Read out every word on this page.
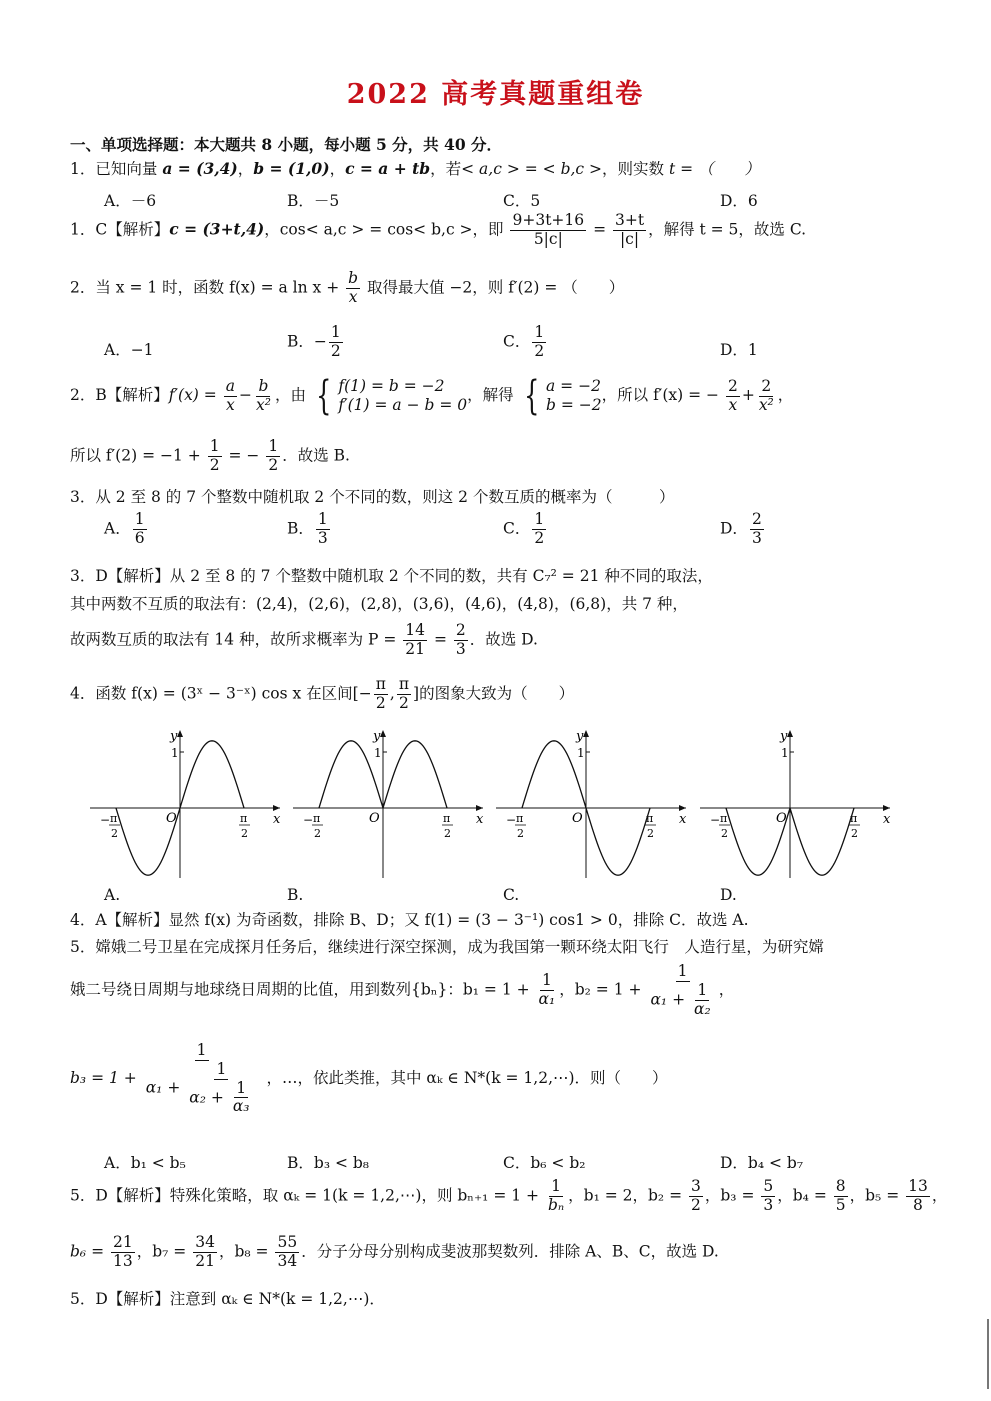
2022 高考真题重组卷
一、单项选择题：本大题共 8 小题，每小题 5 分，共 40 分．
1．已知向量 a = (3,4)，b = (1,0)，c = a + tb，若< a,c > = < b,c >，则实数 t = （　　）
A．－6	B．－5	C．5	D．6
1．C【解析】c = (3+t,4)，cos< a,c > = cos< b,c >，即 $\frac{9+3t+16}{5|c|} = \frac{3+t}{|c|}$ ，解得 t = 5，故选 C.
2．当 x = 1 时，函数 f(x) = a $\ln x + \frac{b}{x}$ 取得最大值 −2，则 f′(2) = （　　）
A．−1	B．− $\frac{1}{2}$	C． $\frac{1}{2}$	D．1
2．B【解析】$f'(x) = \frac{a}{x} - \frac{b}{\text{x²}}$ ，由 { f(1) = b = −2
f′(1) = a − b = 0
，解得 { a = −2
b = −2
，所以 f′(x) = − $\frac{2}{x} + \frac{2}{\text{x²}}$ ，
所以 $f'(2) = -1 + \frac{1}{2}$ = − $\frac{1}{2}$ ．故选 B.
3．从 2 至 8 的 7 个整数中随机取 2 个不同的数，则这 2 个数互质的概率为（　　　）
A． $\frac{1}{6}$	B． $\frac{1}{3}$	C． $\frac{1}{2}$	D． $\frac{2}{3}$
3．D【解析】从 2 至 8 的 7 个整数中随机取 2 个不同的数，共有 C₇² = 21 种不同的取法，
其中两数不互质的取法有：(2,4)，(2,6)，(2,8)，(3,6)，(4,6)，(4,8)，(6,8)，共 7 种，
故两数互质的取法有 14 种，故所求概率为 $P = \frac{14}{21} = \frac{2}{3}$ ．故选 D.
4．函数 f(x) = (3ˣ − 3⁻ˣ) cos x 在区间[− $\frac{\pi}{2}$ , $\frac{\pi}{2}$ ]的图象大致为（　　）
y
x
O
1
− π
2
π
2
y
x
O
1
− π
2
π
2
y
x
O
1
− π
2
π
2
y
x
O
1
− π
2
π
2
A.	B.	C.	D.
4．A【解析】显然 f(x) 为奇函数，排除 B、D；又 f(1) = (3 − 3⁻¹) cos1 > 0，排除 C．故选 A.
5．嫦娥二号卫星在完成探月任务后，继续进行深空探测，成为我国第一颗环绕太阳飞行　人造行星，为研究嫦
娥二号绕日周期与地球绕日周期的比值，用到数列{bₙ}：$b_1 = 1 + \frac{1}{\text{α₁}}$ ，$b_2 = 1 + \frac{1}{\alpha_1 + \frac{1}{\text{α₂}}}$ ，
$b_3 = 1 + \frac{1}{\alpha_1 + \frac{1}{\alpha_2 + \frac{1}{\text{α₃}}}}$ ，…，依此类推，其中 αₖ ∈ N*(k = 1,2,⋯)．则（　　）
A．b₁ < b₅	B．b₃ < b₈	C．b₆ < b₂	D．b₄ < b₇
5．D【解析】特殊化策略，取 αₖ = 1(k = 1,2,⋯)，则 $b_{n+1} = 1 + \frac{1}{\text{bₙ}}$ ，b₁ = 2，$b_2 = \frac{3}{2}$ ，$b_3 = \frac{5}{3}$ ，$b_4 = \frac{8}{5}$ ，$b_5 = \frac{13}{8}$ ，
$b_6 = \frac{21}{13}$ ，$b_7 = \frac{34}{21}$ ，$b_8 = \frac{55}{34}$ ．分子分母分别构成斐波那契数列．排除 A、B、C，故选 D.
5．D【解析】注意到 αₖ ∈ N*(k = 1,2,⋯)．
